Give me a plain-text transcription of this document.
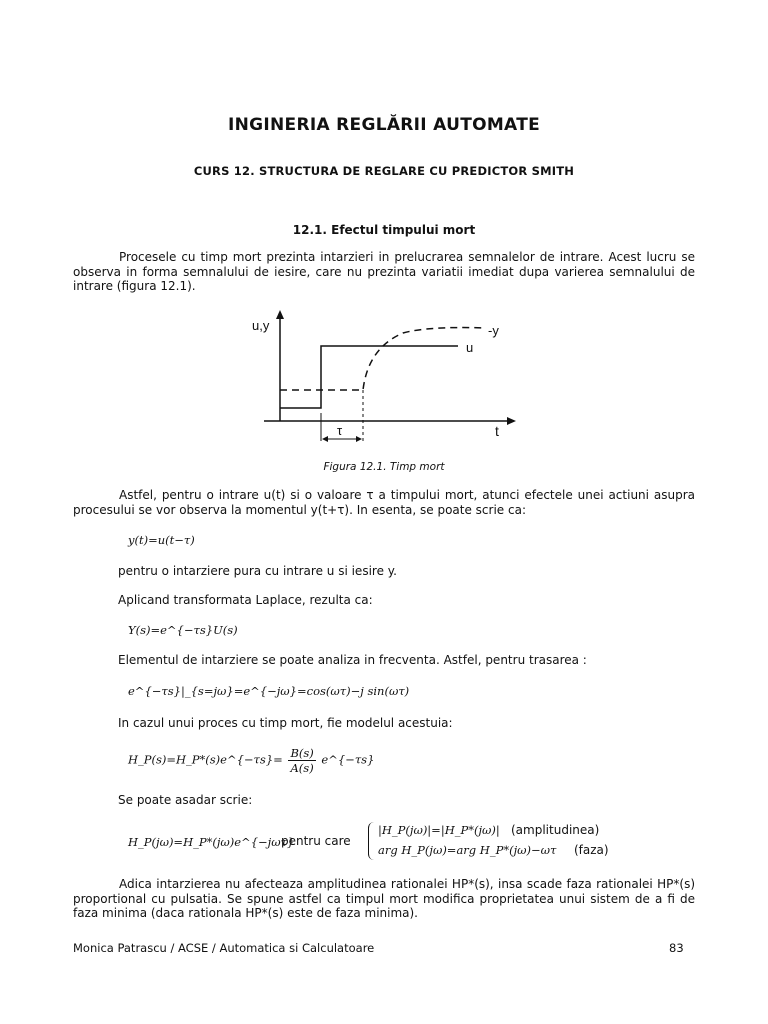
INGINERIA REGLĂRII AUTOMATE
CURS 12. STRUCTURA DE REGLARE CU PREDICTOR SMITH
12.1. Efectul timpului mort
Procesele cu timp mort prezinta intarzieri in prelucrarea semnalelor de intrare. Acest lucru se observa in forma semnalului de iesire, care nu prezinta variatii imediat dupa varierea semnalului de intrare (figura 12.1).
u,y
t
u
-y
τ
Figura 12.1. Timp mort
Astfel, pentru o intrare u(t) si o valoare τ a timpului mort, atunci efectele unei actiuni asupra procesului se vor observa la momentul y(t+τ). In esenta, se poate scrie ca:
y(t)=u(t−τ)
pentru o intarziere pura cu intrare u si iesire y.
Aplicand transformata Laplace, rezulta ca:
Y(s)=e^{−τs}U(s)
Elementul de intarziere se poate analiza in frecventa. Astfel, pentru trasarea :
e^{−τs}|_{s=jω}=e^{−jω}=cos(ωτ)−j sin(ωτ)
In cazul unui proces cu timp mort, fie modelul acestuia:
H_P(s)=H_P*(s)e^{−τs}= $\frac{B(s)}{A(s)}$ e^{−τs}
Se poate asadar scrie:
H_P(jω)=H_P*(jω)e^{−jωτ}
pentru care
|H_P(jω)|=|H_P*(jω)| (amplitudinea)
arg H_P(jω)=arg H_P*(jω)−ωτ (faza)
Adica intarzierea nu afecteaza amplitudinea rationalei HP*(s), insa scade faza rationalei HP*(s) proportional cu pulsatia. Se spune astfel ca timpul mort modifica proprietatea unui sistem de a fi de faza minima (daca rationala HP*(s) este de faza minima).
Monica Patrascu / ACSE / Automatica si Calculatoare	83
